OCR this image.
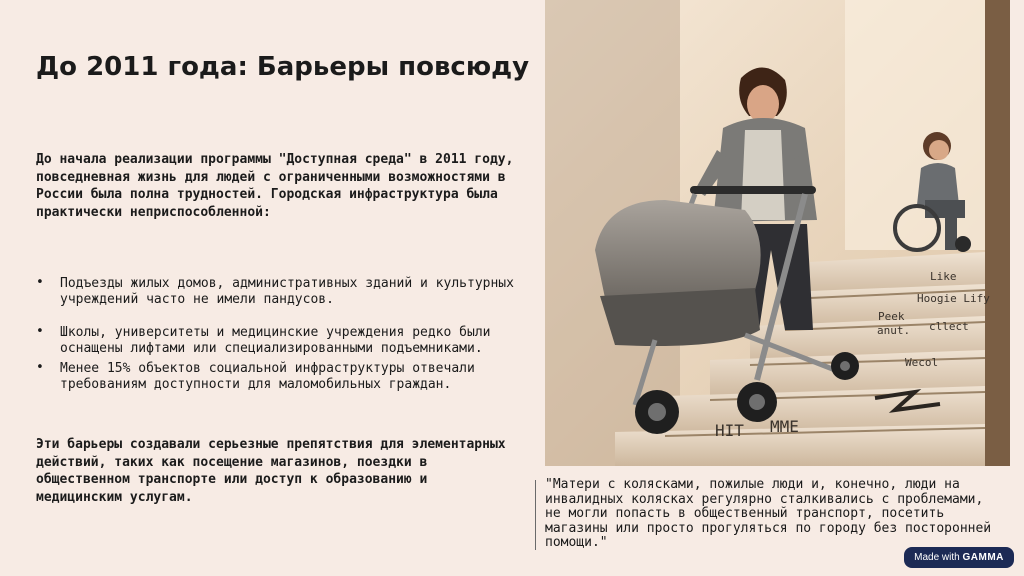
До 2011 года: Барьеры повсюду

До начала реализации программы "Доступная среда" в 2011 году, повседневная жизнь для людей с ограниченными возможностями в России была полна трудностей. Городская инфраструктура была практически неприспособленной:

• Подъезды жилых домов, административных зданий и культурных учреждений часто не имели пандусов.
• Школы, университеты и медицинские учреждения редко были оснащены лифтами или специализированными подъемниками.
• Менее 15% объектов социальной инфраструктуры отвечали требованиям доступности для маломобильных граждан.

Эти барьеры создавали серьезные препятствия для элементарных действий, таких как посещение магазинов, поездки в общественном транспорте или доступ к образованию и медицинским услугам.

Like
Peek
Hoogie Lify
anut. cllect
Wecol
HIT MME

"Матери с колясками, пожилые люди и, конечно, люди на инвалидных колясках регулярно сталкивались с проблемами, не могли попасть в общественный транспорт, посетить магазины или просто прогуляться по городу без посторонней помощи."

Made with GAMMA
